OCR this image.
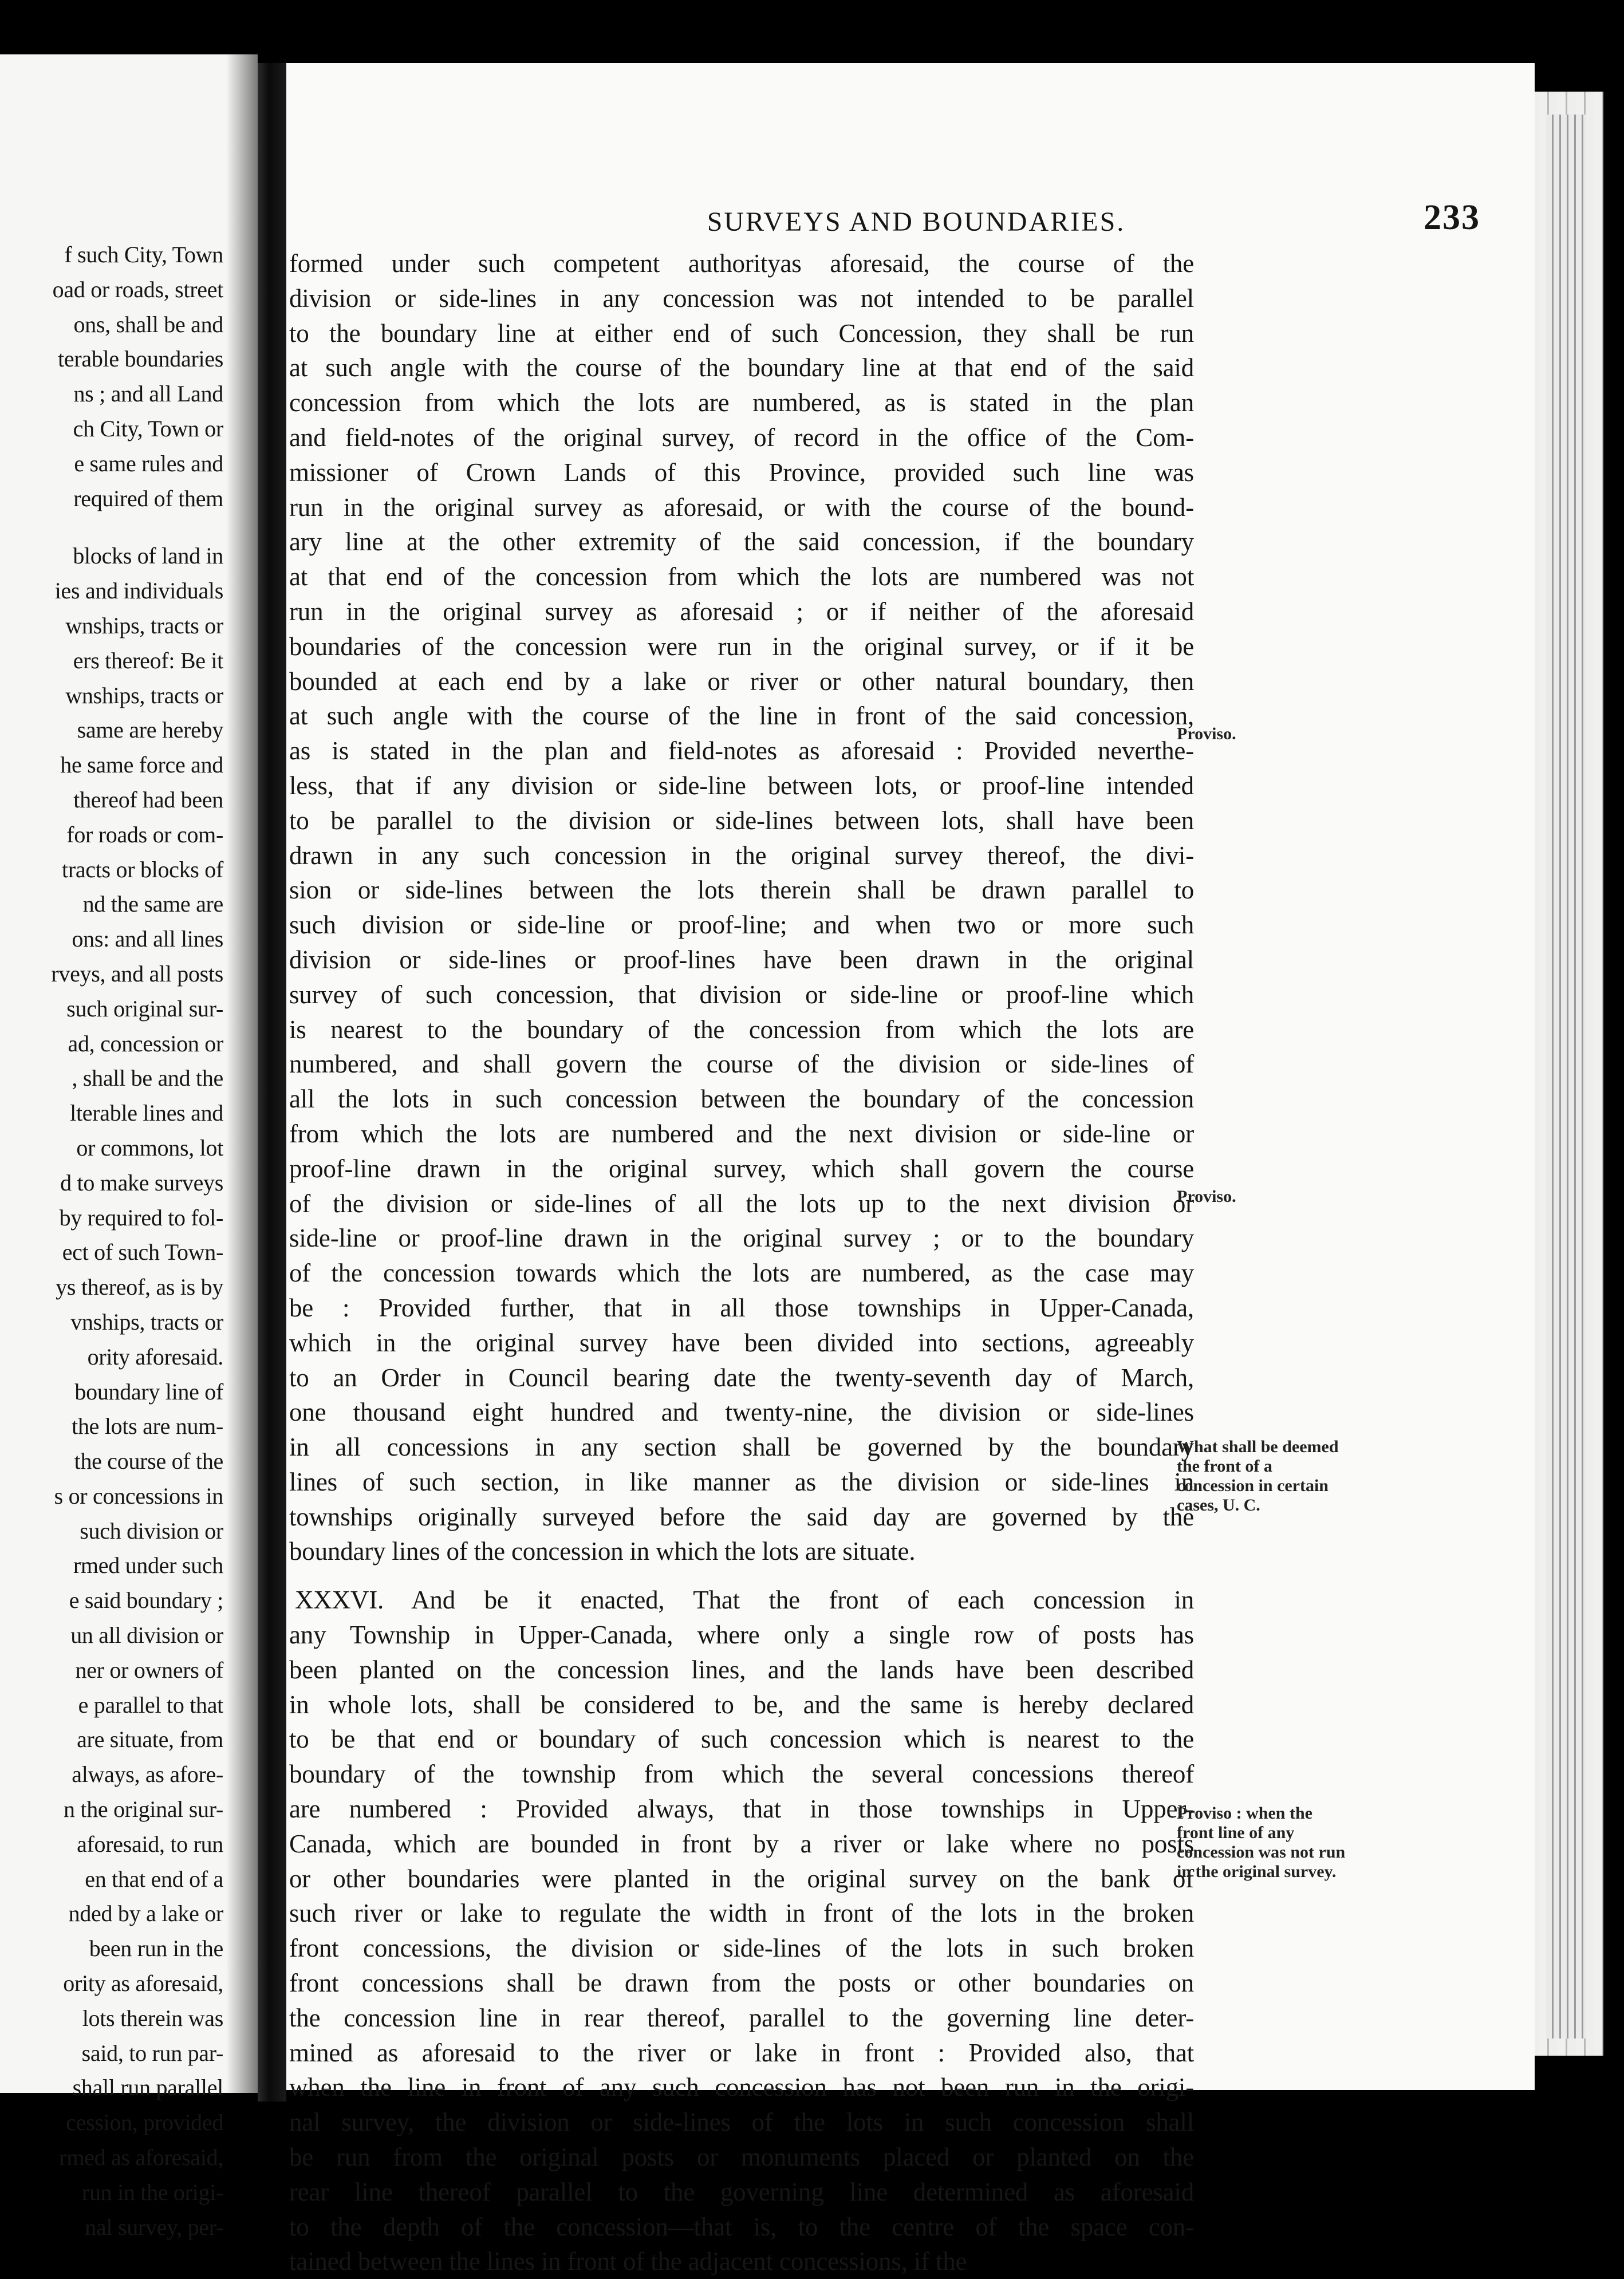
f such City, Town
oad or roads, street
ons, shall be and
terable boundaries
ns ; and all Land
ch City, Town or
e same rules and
required of them
blocks of land in
ies and individuals
wnships, tracts or
ers thereof: Be it
wnships, tracts or
same are hereby
he same force and
thereof had been
for roads or com-
tracts or blocks of
nd the same are
ons: and all lines
rveys, and all posts
such original sur-
ad, concession or
, shall be and the
lterable lines and
or commons, lot
d to make surveys
by required to fol-
ect of such Town-
ys thereof, as is by
vnships, tracts or
ority aforesaid.
boundary line of
the lots are num-
the course of the
s or concessions in
such division or
rmed under such
e said boundary ;
un all division or
ner or owners of
e parallel to that
are situate, from
always, as afore-
n the original sur-
aforesaid, to run
en that end of a
nded by a lake or
been run in the
ority as aforesaid,
lots therein was
said, to run par-
shall run parallel
cession, provided
rmed as aforesaid,
run in the origi-
nal survey, per-
SURVEYS AND BOUNDARIES.	233
formed under such competent authorityas aforesaid, the course of the
division or side-lines in any concession was not intended to be parallel
to the boundary line at either end of such Concession, they shall be run
at such angle with the course of the boundary line at that end of the said
concession from which the lots are numbered, as is stated in the plan
and field-notes of the original survey, of record in the office of the Com-
missioner of Crown Lands of this Province, provided such line was
run in the original survey as aforesaid, or with the course of the bound-
ary line at the other extremity of the said concession, if the boundary
at that end of the concession from which the lots are numbered was not
run in the original survey as aforesaid ; or if neither of the aforesaid
boundaries of the concession were run in the original survey, or if it be
bounded at each end by a lake or river or other natural boundary, then
at such angle with the course of the line in front of the said concession,
as is stated in the plan and field-notes as aforesaid : Provided neverthe-
less, that if any division or side-line between lots, or proof-line intended
to be parallel to the division or side-lines between lots, shall have been
drawn in any such concession in the original survey thereof, the divi-
sion or side-lines between the lots therein shall be drawn parallel to
such division or side-line or proof-line; and when two or more such
division or side-lines or proof-lines have been drawn in the original
survey of such concession, that division or side-line or proof-line which
is nearest to the boundary of the concession from which the lots are
numbered, and shall govern the course of the division or side-lines of
all the lots in such concession between the boundary of the concession
from which the lots are numbered and the next division or side-line or
proof-line drawn in the original survey, which shall govern the course
of the division or side-lines of all the lots up to the next division or
side-line or proof-line drawn in the original survey ; or to the boundary
of the concession towards which the lots are numbered, as the case may
be : Provided further, that in all those townships in Upper-Canada,
which in the original survey have been divided into sections, agreeably
to an Order in Council bearing date the twenty-seventh day of March,
one thousand eight hundred and twenty-nine, the division or side-lines
in all concessions in any section shall be governed by the boundary
lines of such section, in like manner as the division or side-lines in
townships originally surveyed before the said day are governed by the
boundary lines of the concession in which the lots are situate.
XXXVI. And be it enacted, That the front of each concession in
any Township in Upper-Canada, where only a single row of posts has
been planted on the concession lines, and the lands have been described
in whole lots, shall be considered to be, and the same is hereby declared
to be that end or boundary of such concession which is nearest to the
boundary of the township from which the several concessions thereof
are numbered : Provided always, that in those townships in Upper-
Canada, which are bounded in front by a river or lake where no posts
or other boundaries were planted in the original survey on the bank of
such river or lake to regulate the width in front of the lots in the broken
front concessions, the division or side-lines of the lots in such broken
front concessions shall be drawn from the posts or other boundaries on
the concession line in rear thereof, parallel to the governing line deter-
mined as aforesaid to the river or lake in front : Provided also, that
when the line in front of any such concession has not been run in the origi-
nal survey, the division or side-lines of the lots in such concession shall
be run from the original posts or monuments placed or planted on the
rear line thereof parallel to the governing line determined as aforesaid
to the depth of the concession—that is, to the centre of the space con-
tained between the lines in front of the adjacent concessions, if the
Proviso.
Proviso.
What shall be deemed the front of a concession in certain cases, U. C.
Proviso : when the front line of any concession was not run in the original survey.
